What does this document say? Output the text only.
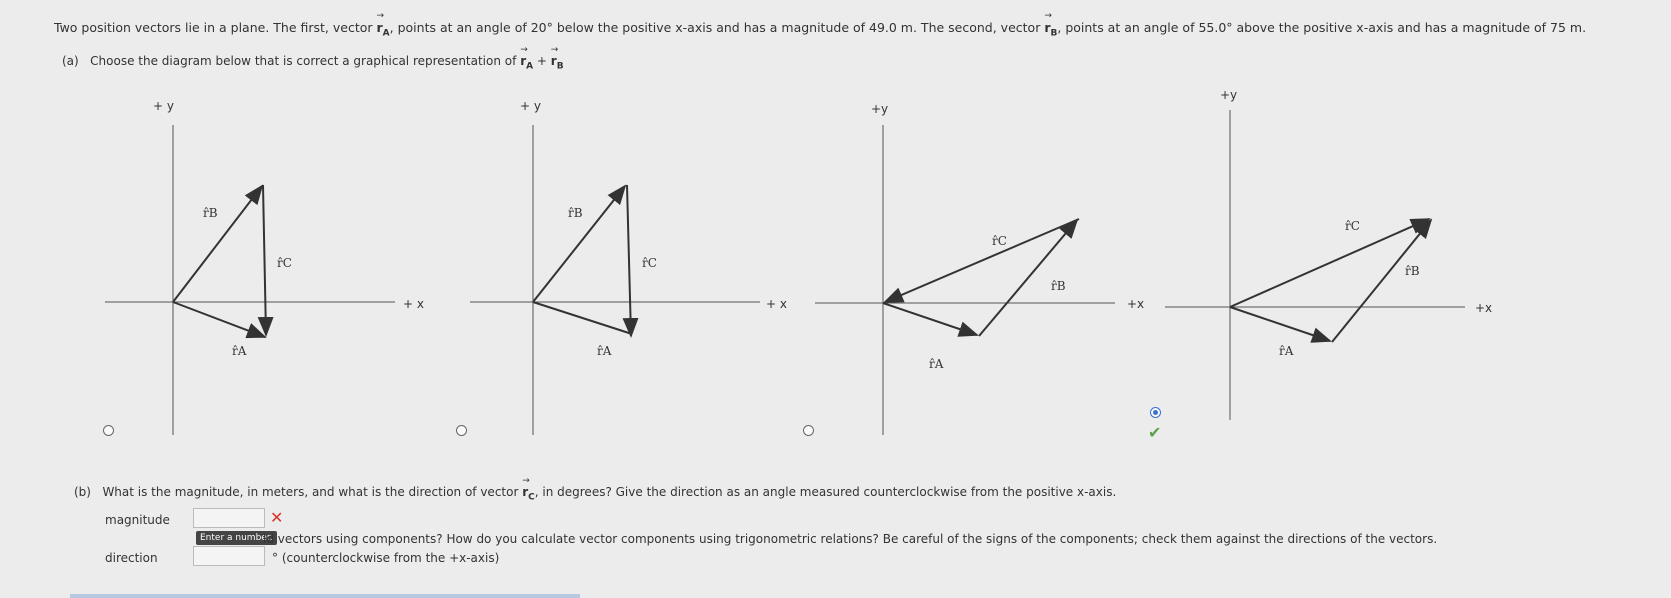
Two position vectors lie in a plane. The first, vector
→
$r_A$, points at an angle of 20° below the positive x-axis and has a magnitude of 49.0 m. The second, vector
→
$r_B$, points at an angle of 55.0° above the positive x-axis and has a magnitude of 75 m.
(a) Choose the diagram below that is correct a graphical representation of
→
$r_A$ +
→
$r_B$
+ y
+ x
r̂B
r̂C
r̂A
+ y
+ x
r̂B
r̂C
r̂A
+y
+x
r̂C
r̂B
r̂A
+y
+x
r̂C
r̂B
r̂A
✔
(b) What is the magnitude, in meters, and what is the direction of vector
→
$r_C$, in degrees? Give the direction as an angle measured counterclockwise from the positive x-axis.
magnitude	✕
Enter a number.
ld vectors using components? How do you calculate vector components using trigonometric relations? Be careful of the signs of the components; check them against the directions of the vectors.
direction	° (counterclockwise from the +x-axis)
